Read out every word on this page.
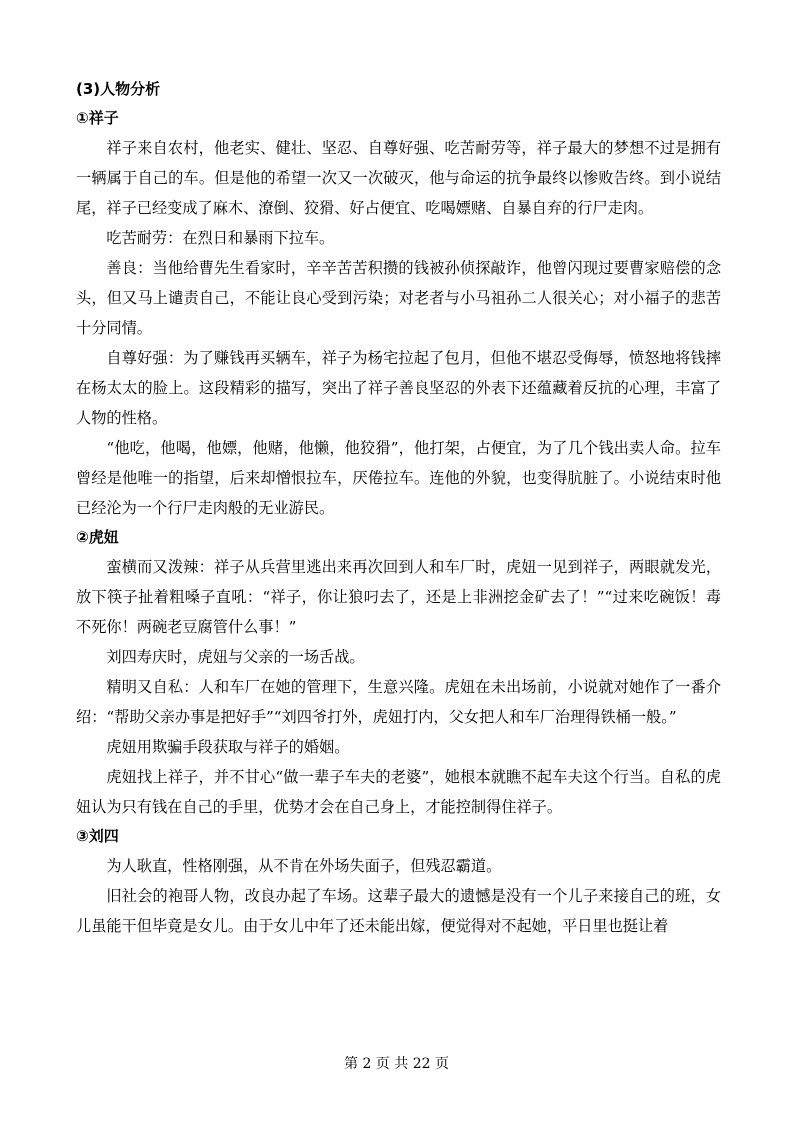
(3)人物分析
①祥子

祥子来自农村，他老实、健壮、坚忍、自尊好强、吃苦耐劳等，祥子最大的梦想不过是拥有一辆属于自己的车。但是他的希望一次又一次破灭，他与命运的抗争最终以惨败告终。到小说结尾，祥子已经变成了麻木、潦倒、狡猾、好占便宜、吃喝嫖赌、自暴自弃的行尸走肉。

吃苦耐劳：在烈日和暴雨下拉车。

善良：当他给曹先生看家时，辛辛苦苦积攒的钱被孙侦探敲诈，他曾闪现过要曹家赔偿的念头，但又马上谴责自己，不能让良心受到污染；对老者与小马祖孙二人很关心；对小福子的悲苦十分同情。

自尊好强：为了赚钱再买辆车，祥子为杨宅拉起了包月，但他不堪忍受侮辱，愤怒地将钱摔在杨太太的脸上。这段精彩的描写，突出了祥子善良坚忍的外表下还蕴藏着反抗的心理，丰富了人物的性格。

“他吃，他喝，他嫖，他赌，他懒，他狡猾”，他打架，占便宜，为了几个钱出卖人命。拉车曾经是他唯一的指望，后来却憎恨拉车，厌倦拉车。连他的外貌，也变得肮脏了。小说结束时他已经沦为一个行尸走肉般的无业游民。

②虎妞

蛮横而又泼辣：祥子从兵营里逃出来再次回到人和车厂时，虎妞一见到祥子，两眼就发光，放下筷子扯着粗嗓子直吼：“祥子，你让狼叼去了，还是上非洲挖金矿去了！”“过来吃碗饭！毒不死你！两碗老豆腐管什么事！”

刘四寿庆时，虎妞与父亲的一场舌战。

精明又自私：人和车厂在她的管理下，生意兴隆。虎妞在未出场前，小说就对她作了一番介绍：“帮助父亲办事是把好手”“刘四爷打外，虎妞打内，父女把人和车厂治理得铁桶一般。”

虎妞用欺骗手段获取与祥子的婚姻。

虎妞找上祥子，并不甘心“做一辈子车夫的老婆”，她根本就瞧不起车夫这个行当。自私的虎妞认为只有钱在自己的手里，优势才会在自己身上，才能控制得住祥子。

③刘四

为人耿直，性格刚强，从不肯在外场失面子，但残忍霸道。

旧社会的袍哥人物，改良办起了车场。这辈子最大的遗憾是没有一个儿子来接自己的班，女儿虽能干但毕竟是女儿。由于女儿中年了还未能出嫁，便觉得对不起她，平日里也挺让着

第 2 页 共 22 页
